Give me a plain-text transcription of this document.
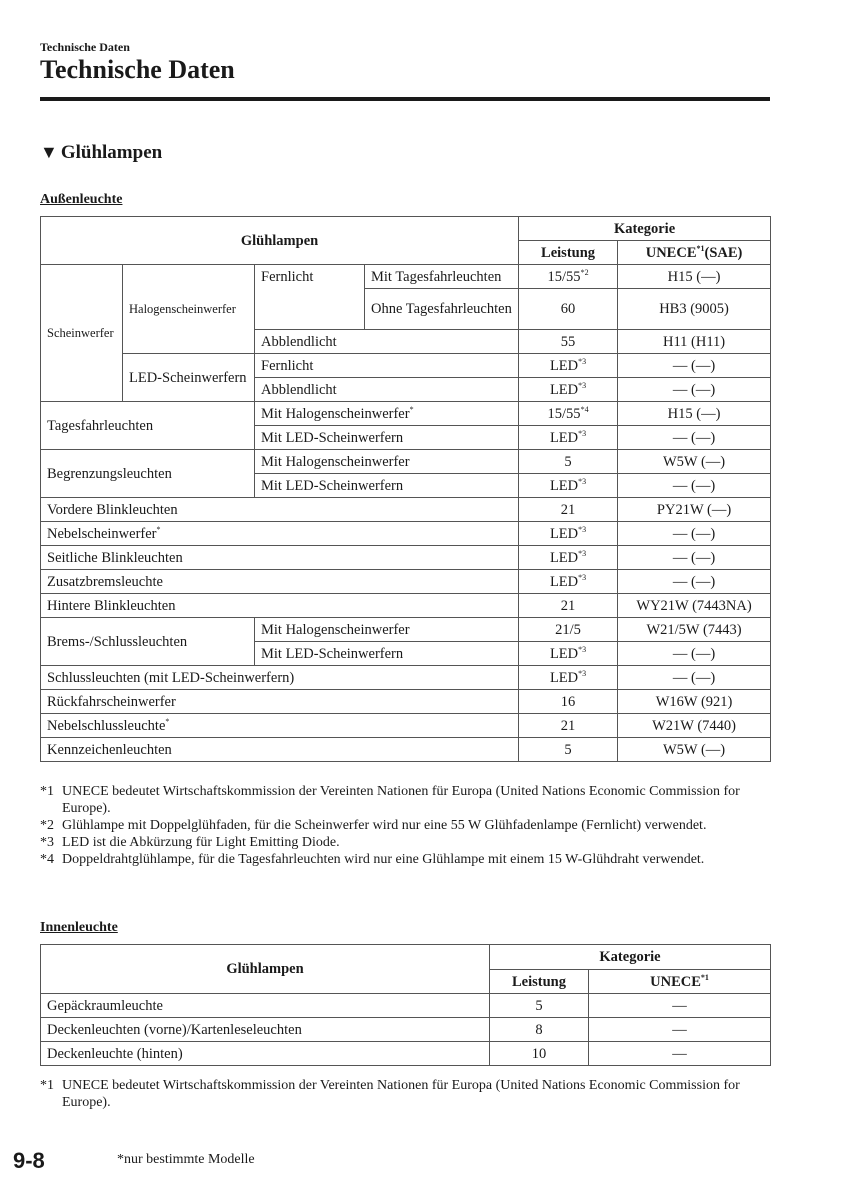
Technische Daten
Technische Daten
▼ Glühlampen
Außenleuchte
Glühlampen				Kategorie	
				Leistung	UNECE$^{*1}$(SAE)
Scheinwerfer	Halogenscheinwerfer	Fernlicht	Mit Tagesfahrleuchten	15/55$^{*2}$	H15 (—)
			Ohne Tagesfahrleuchten	60	HB3 (9005)
		Abblendlicht		55	H11 (H11)
	LED-Scheinwerfern	Fernlicht		LED$^{*3}$	— (—)
		Abblendlicht		LED$^{*3}$	— (—)
Tagesfahrleuchten		Mit Halogenscheinwerfer*		15/55$^{*4}$	H15 (—)
		Mit LED-Scheinwerfern		LED$^{*3}$	— (—)
Begrenzungsleuchten		Mit Halogenscheinwerfer		5	W5W (—)
		Mit LED-Scheinwerfern		LED$^{*3}$	— (—)
Vordere Blinkleuchten				21	PY21W (—)
Nebelscheinwerfer*				LED$^{*3}$	— (—)
Seitliche Blinkleuchten				LED$^{*3}$	— (—)
Zusatzbremsleuchte				LED$^{*3}$	— (—)
Hintere Blinkleuchten				21	WY21W (7443NA)
Brems-/Schlussleuchten		Mit Halogenscheinwerfer		21/5	W21/5W (7443)
		Mit LED-Scheinwerfern		LED$^{*3}$	— (—)
Schlussleuchten (mit LED-Scheinwerfern)				LED$^{*3}$	— (—)
Rückfahrscheinwerfer				16	W16W (921)
Nebelschlussleuchte*				21	W21W (7440)
Kennzeichenleuchten				5	W5W (—)
*1 UNECE bedeutet Wirtschaftskommission der Vereinten Nationen für Europa (United Nations Economic Commission for Europe).
*2 Glühlampe mit Doppelglühfaden, für die Scheinwerfer wird nur eine 55 W Glühfadenlampe (Fernlicht) verwendet.
*3 LED ist die Abkürzung für Light Emitting Diode.
*4 Doppeldrahtglühlampe, für die Tagesfahrleuchten wird nur eine Glühlampe mit einem 15 W-Glühdraht verwendet.
Innenleuchte
Glühlampen	Kategorie	
	Leistung	UNECE$^{*1}$
Gepäckraumleuchte	5	—
Deckenleuchten (vorne)/Kartenleseleuchten	8	—
Deckenleuchte (hinten)	10	—
*1 UNECE bedeutet Wirtschaftskommission der Vereinten Nationen für Europa (United Nations Economic Commission for Europe).
9-8	*nur bestimmte Modelle
